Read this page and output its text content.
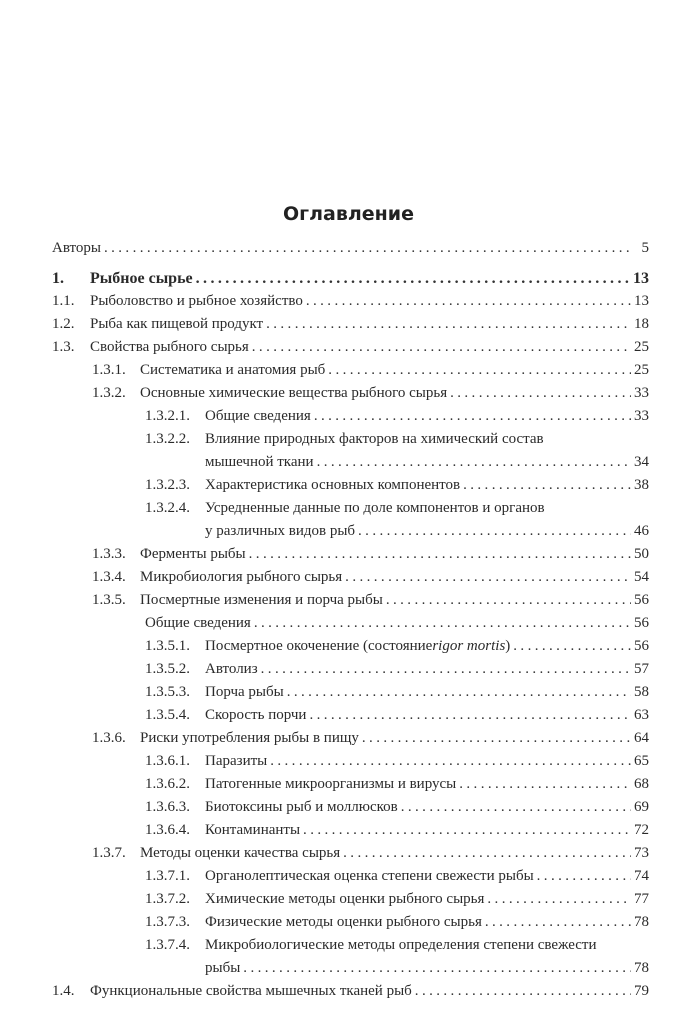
Оглавление
Авторы .....	5
1.	Рыбное сырье .....	13
1.1.	Рыболовство и рыбное хозяйство .....	13
1.2.	Рыба как пищевой продукт .....	18
1.3.	Свойства рыбного сырья .....	25
1.3.1. Систематика и анатомия рыб .....	25
1.3.2. Основные химические вещества рыбного сырья .....	33
1.3.2.1.	Общие сведения .....	33
1.3.2.2.	Влияние природных факторов на химический состав
мышечной ткани .....	34
1.3.2.3.	Характеристика основных компонентов .....	38
1.3.2.4.	Усредненные данные по доле компонентов и органов
у различных видов рыб .....	46
1.3.3. Ферменты рыбы .....	50
1.3.4. Микробиология рыбного сырья .....	54
1.3.5. Посмертные изменения и порча рыбы .....	56
Общие сведения .....	56
1.3.5.1.	Посмертное окоченение (состояние rigor mortis ) .....	56
1.3.5.2.	Автолиз .....	57
1.3.5.3.	Порча рыбы .....	58
1.3.5.4.	Скорость порчи .....	63
1.3.6. Риски употребления рыбы в пищу .....	64
1.3.6.1.	Паразиты .....	65
1.3.6.2.	Патогенные микроорганизмы и вирусы .....	68
1.3.6.3.	Биотоксины рыб и моллюсков .....	69
1.3.6.4.	Контаминанты .....	72
1.3.7. Методы оценки качества сырья .....	73
1.3.7.1.	Органолептическая оценка степени свежести рыбы .....	74
1.3.7.2.	Химические методы оценки рыбного сырья .....	77
1.3.7.3.	Физические методы оценки рыбного сырья .....	78
1.3.7.4.	Микробиологические методы определения степени свежести
рыбы .....	78
1.4.	Функциональные свойства мышечных тканей рыб .....	79
